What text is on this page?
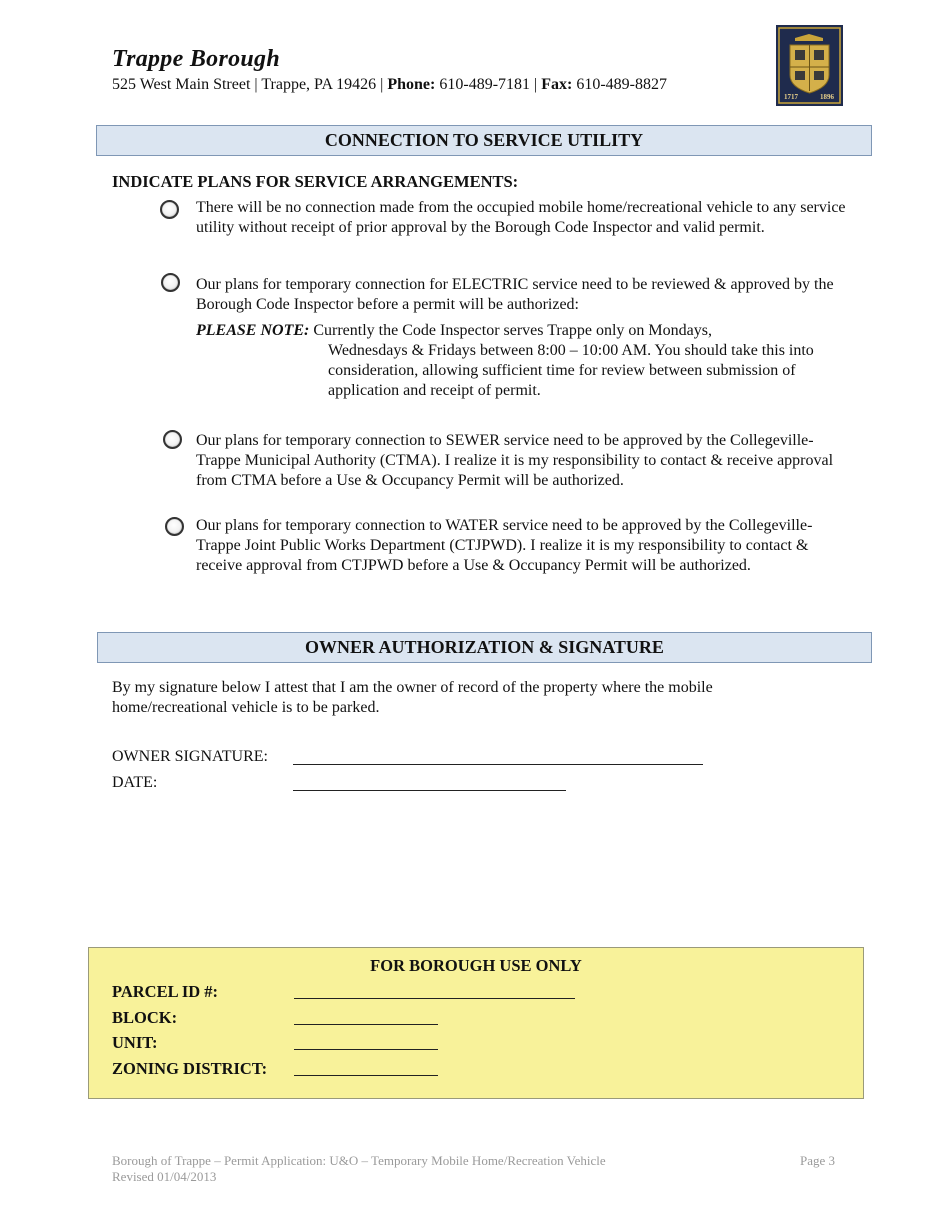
Trappe Borough
525 West Main Street | Trappe, PA 19426 | Phone: 610-489-7181 | Fax: 610-489-8827
1717	1896
CONNECTION TO SERVICE UTILITY
INDICATE PLANS FOR SERVICE ARRANGEMENTS:
There will be no connection made from the occupied mobile home/recreational vehicle to any service utility without receipt of prior approval by the Borough Code Inspector and valid permit.
Our plans for temporary connection for ELECTRIC service need to be reviewed & approved by the Borough Code Inspector before a permit will be authorized:
PLEASE NOTE: Currently the Code Inspector serves Trappe only on Mondays,
Wednesdays & Fridays between 8:00 – 10:00 AM. You should take this into consideration, allowing sufficient time for review between submission of application and receipt of permit.
Our plans for temporary connection to SEWER service need to be approved by the Collegeville-Trappe Municipal Authority (CTMA). I realize it is my responsibility to contact & receive approval from CTMA before a Use & Occupancy Permit will be authorized.
Our plans for temporary connection to WATER service need to be approved by the Collegeville-Trappe Joint Public Works Department (CTJPWD). I realize it is my responsibility to contact & receive approval from CTJPWD before a Use & Occupancy Permit will be authorized.
OWNER AUTHORIZATION & SIGNATURE
By my signature below I attest that I am the owner of record of the property where the mobile home/recreational vehicle is to be parked.
OWNER SIGNATURE:
DATE:
FOR BOROUGH USE ONLY
PARCEL ID #:
BLOCK:
UNIT:
ZONING DISTRICT:
Borough of Trappe – Permit Application: U&O – Temporary Mobile Home/Recreation Vehicle
Revised 01/04/2013
Page 3
